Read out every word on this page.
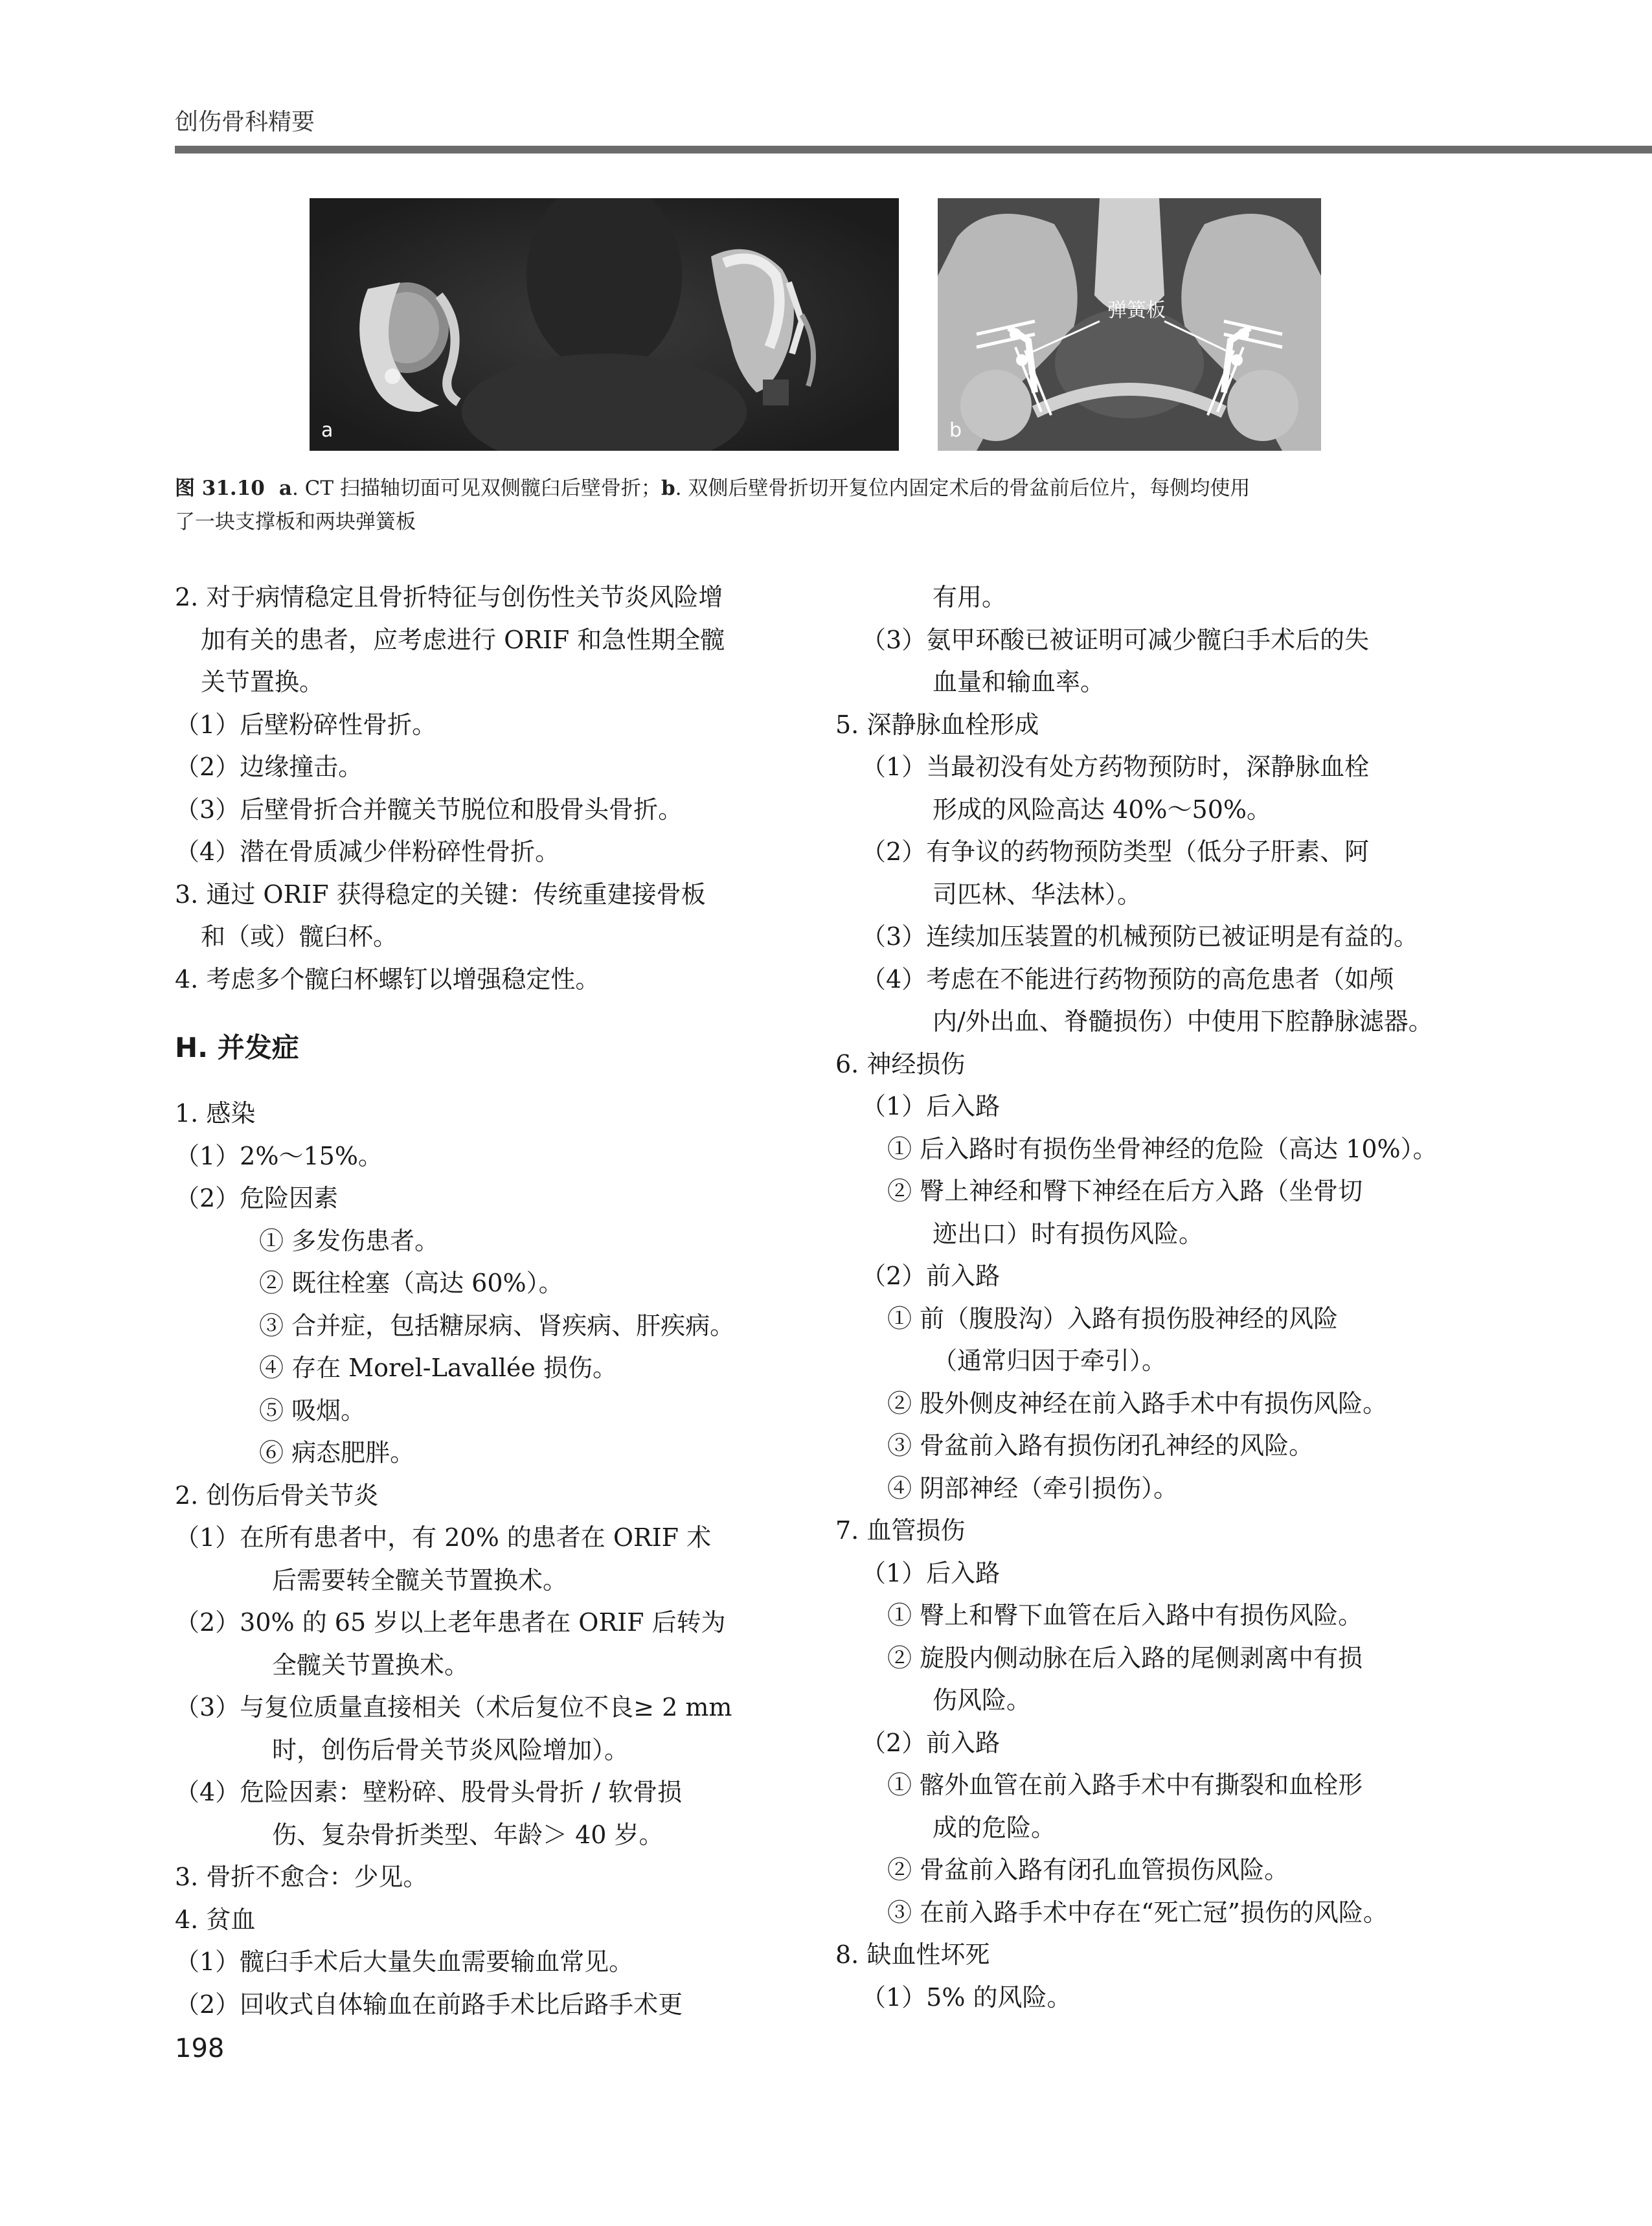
创伤骨科精要
a
弹簧板
b
图 31.10 a. CT 扫描轴切面可见双侧髋臼后壁骨折；b. 双侧后壁骨折切开复位内固定术后的骨盆前后位片，每侧均使用
了一块支撑板和两块弹簧板
2. 对于病情稳定且骨折特征与创伤性关节炎风险增
加有关的患者，应考虑进行 ORIF 和急性期全髋
关节置换。
（1）后壁粉碎性骨折。
（2）边缘撞击。
（3）后壁骨折合并髋关节脱位和股骨头骨折。
（4）潜在骨质减少伴粉碎性骨折。
3. 通过 ORIF 获得稳定的关键：传统重建接骨板
和（或）髋臼杯。
4. 考虑多个髋臼杯螺钉以增强稳定性。
H. 并发症
1. 感染
（1）2%～15%。
（2）危险因素
① 多发伤患者。
② 既往栓塞（高达 60%）。
③ 合并症，包括糖尿病、肾疾病、肝疾病。
④ 存在 Morel-Lavallée 损伤。
⑤ 吸烟。
⑥ 病态肥胖。
2. 创伤后骨关节炎
（1）在所有患者中，有 20% 的患者在 ORIF 术
后需要转全髋关节置换术。
（2）30% 的 65 岁以上老年患者在 ORIF 后转为
全髋关节置换术。
（3）与复位质量直接相关（术后复位不良≥ 2 mm
时，创伤后骨关节炎风险增加）。
（4）危险因素：壁粉碎、股骨头骨折 / 软骨损
伤、复杂骨折类型、年龄＞ 40 岁。
3. 骨折不愈合：少见。
4. 贫血
（1）髋臼手术后大量失血需要输血常见。
（2）回收式自体输血在前路手术比后路手术更
有用。
（3）氨甲环酸已被证明可减少髋臼手术后的失
血量和输血率。
5. 深静脉血栓形成
（1）当最初没有处方药物预防时，深静脉血栓
形成的风险高达 40%～50%。
（2）有争议的药物预防类型（低分子肝素、阿
司匹林、华法林）。
（3）连续加压装置的机械预防已被证明是有益的。
（4）考虑在不能进行药物预防的高危患者（如颅
内/外出血、脊髓损伤）中使用下腔静脉滤器。
6. 神经损伤
（1）后入路
① 后入路时有损伤坐骨神经的危险（高达 10%）。
② 臀上神经和臀下神经在后方入路（坐骨切
迹出口）时有损伤风险。
（2）前入路
① 前（腹股沟）入路有损伤股神经的风险
（通常归因于牵引）。
② 股外侧皮神经在前入路手术中有损伤风险。
③ 骨盆前入路有损伤闭孔神经的风险。
④ 阴部神经（牵引损伤）。
7. 血管损伤
（1）后入路
① 臀上和臀下血管在后入路中有损伤风险。
② 旋股内侧动脉在后入路的尾侧剥离中有损
伤风险。
（2）前入路
① 髂外血管在前入路手术中有撕裂和血栓形
成的危险。
② 骨盆前入路有闭孔血管损伤风险。
③ 在前入路手术中存在“死亡冠”损伤的风险。
8. 缺血性坏死
（1）5% 的风险。
198
